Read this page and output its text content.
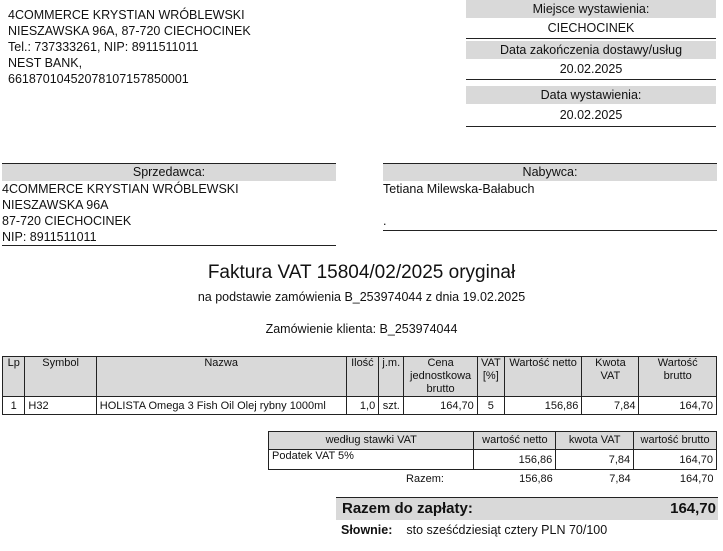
4COMMERCE KRYSTIAN WRÓBLEWSKI
NIESZAWSKA 96A, 87-720 CIECHOCINEK
Tel.: 737333261, NIP: 8911511011
NEST BANK,
66187010452078107157850001
Miejsce wystawienia:
CIECHOCINEK
Data zakończenia dostawy/usług
20.02.2025
Data wystawienia:
20.02.2025
Sprzedawca:
4COMMERCE KRYSTIAN WRÓBLEWSKI
NIESZAWSKA 96A
87-720 CIECHOCINEK
NIP: 8911511011
Nabywca:
Tetiana Milewska-Bałabuch
.
Faktura VAT 15804/02/2025 oryginał
na podstawie zamówienia B_253974044 z dnia 19.02.2025
Zamówienie klienta: B_253974044
Lp	Symbol	Nazwa	Ilość	j.m.	Cena jednostkowa brutto	VAT [%]	Wartość netto	Kwota VAT	Wartość brutto
1	H32	HOLISTA Omega 3 Fish Oil Olej rybny 1000ml	1,0	szt.	164,70	5	156,86	7,84	164,70
według stawki VAT	wartość netto	kwota VAT	wartość brutto
Podatek VAT 5%	156,86	7,84	164,70
Razem:	156,86	7,84	164,70
Razem do zapłaty:	164,70
Słownie: sto sześćdziesiąt cztery PLN 70/100
